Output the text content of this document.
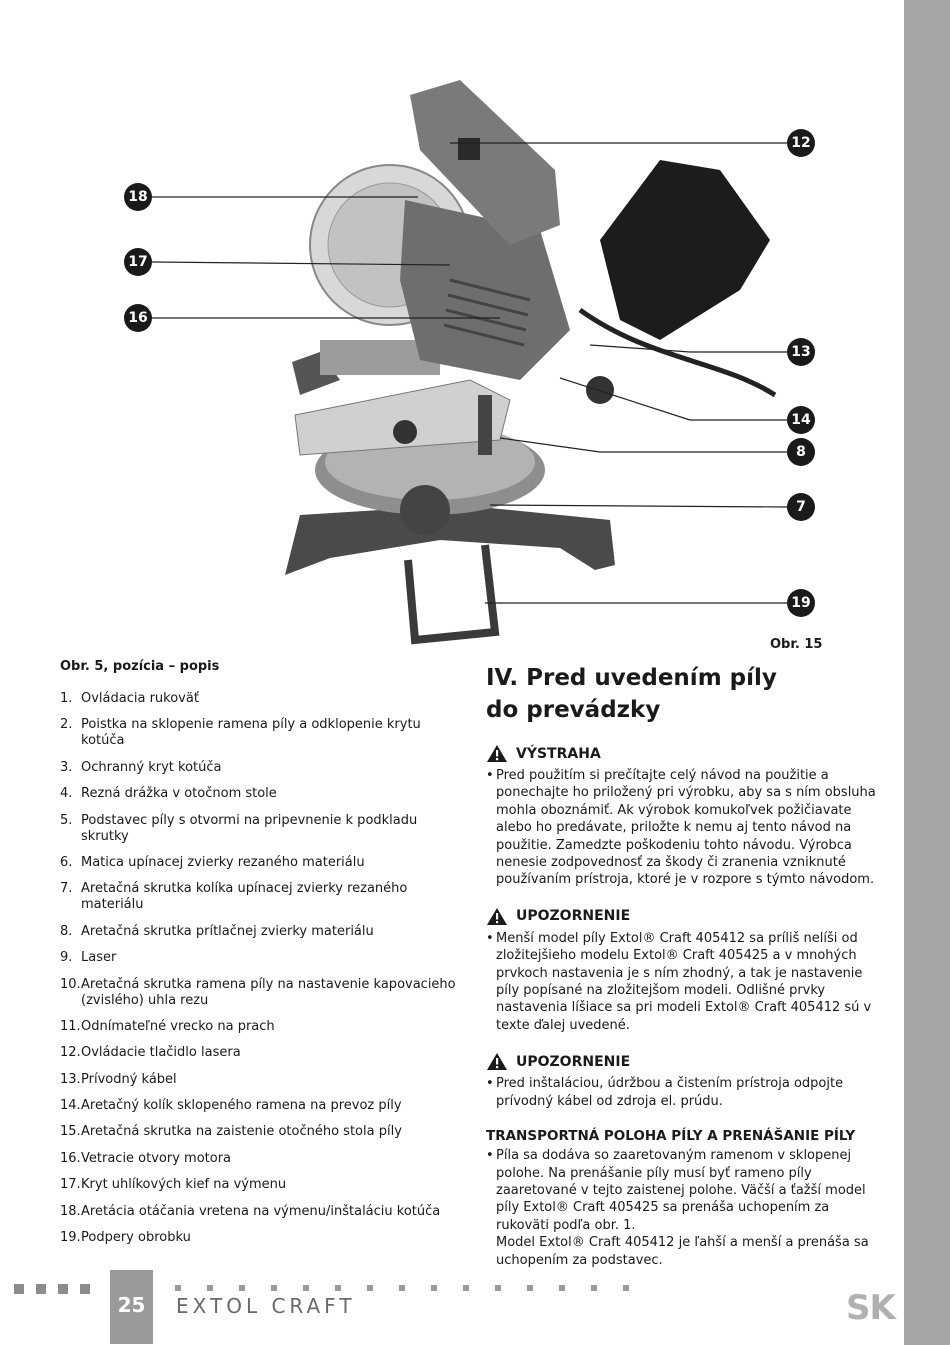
SK
12
18
17
16
13
14
8
7
19
Obr. 15
Obr. 5, pozícia – popis
1. Ovládacia rukoväť
2. Poistka na sklopenie ramena píly a odklopenie krytu kotúča
3. Ochranný kryt kotúča
4. Rezná drážka v otočnom stole
5. Podstavec píly s otvormi na pripevnenie k podkladu skrutky
6. Matica upínacej zvierky rezaného materiálu
7. Aretačná skrutka kolíka upínacej zvierky rezaného materiálu
8. Aretačná skrutka prítlačnej zvierky materiálu
9. Laser
10. Aretačná skrutka ramena píly na nastavenie kapovacieho (zvislého) uhla rezu
11. Odnímateľné vrecko na prach
12. Ovládacie tlačidlo lasera
13. Prívodný kábel
14. Aretačný kolík sklopeného ramena na prevoz píly
15. Aretačná skrutka na zaistenie otočného stola píly
16. Vetracie otvory motora
17. Kryt uhlíkových kief na výmenu
18. Aretácia otáčania vretena na výmenu/inštaláciu kotúča
19. Podpery obrobku
IV. Pred uvedením píly
do prevádzky
VÝSTRAHA
• Pred použitím si prečítajte celý návod na použitie a ponechajte ho priložený pri výrobku, aby sa s ním obsluha mohla oboznámiť. Ak výrobok komukoľvek požičiavate alebo ho predávate, priložte k nemu aj tento návod na použitie. Zamedzte poškodeniu tohto návodu. Výrobca nenesie zodpovednosť za škody či zranenia vzniknuté používaním prístroja, ktoré je v rozpore s týmto návodom.
UPOZORNENIE
• Menší model píly Extol® Craft 405412 sa príliš nelíši od zložitejšieho modelu Extol® Craft 405425 a v mnohých prvkoch nastavenia je s ním zhodný, a tak je nastavenie píly popísané na zložitejšom modeli. Odlišné prvky nastavenia líšiace sa pri modeli Extol® Craft 405412 sú v texte ďalej uvedené.
UPOZORNENIE
• Pred inštaláciou, údržbou a čistením prístroja odpojte prívodný kábel od zdroja el. prúdu.
TRANSPORTNÁ POLOHA PÍLY A PRENÁŠANIE PÍLY
• Píla sa dodáva so zaaretovaným ramenom v sklopenej polohe. Na prenášanie píly musí byť rameno píly zaaretované v tejto zaistenej polohe. Väčší a ťažší model píly Extol® Craft 405425 sa prenáša uchopením za rukoväti podľa obr. 1.
Model Extol® Craft 405412 je ľahší a menší a prenáša sa uchopením za podstavec.
25	EXTOL CRAFT
